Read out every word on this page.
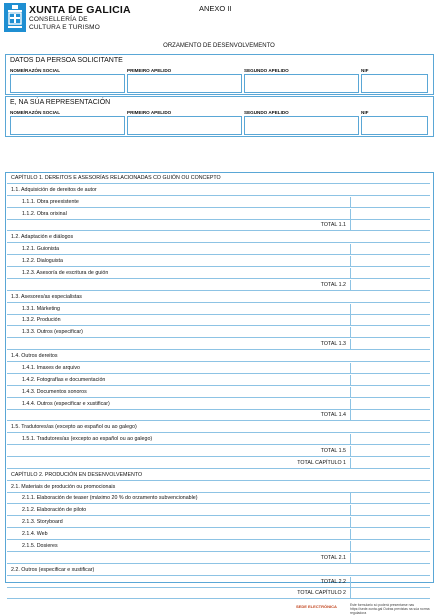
XUNTA DE GALICIA
CONSELLERÍA DE
CULTURA E TURISMO
ANEXO II
ORZAMENTO DE DESENVOLVEMENTO
DATOS DA PERSOA SOLICITANTE
NOME/RAZÓN SOCIAL	PRIMEIRO APELIDO	SEGUNDO APELIDO	NIF
E, NA SÚA REPRESENTACIÓN
NOME/RAZÓN SOCIAL	PRIMEIRO APELIDO	SEGUNDO APELIDO	NIF
CAPÍTULO 1. DEREITOS E ASESORÍAS RELACIONADAS CO GUIÓN OU CONCEPTO
1.1. Adquisición de dereitos de autor
1.1.1. Obra preexistente
1.1.2. Obra orixinal
TOTAL 1.1
1.2. Adaptación e diálogos
1.2.1. Guionista
1.2.2. Dialoguista
1.2.3. Asesor/a de escritura de guión
TOTAL 1.2
1.3. Asesores/as especialistas
1.3.1. Márketing
1.3.2. Produción
1.3.3. Outros (especificar)
TOTAL 1.3
1.4. Outros dereitos
1.4.1. Imaxes de arquivo
1.4.2. Fotografías e documentación
1.4.3. Documentos sonoros
1.4.4. Outros (especificar e xustificar)
TOTAL 1.4
1.5. Tradutores/as (excepto ao español ou ao galego)
1.5.1. Tradutores/as (excepto ao español ou ao galego)
TOTAL 1.5
TOTAL CAPÍTULO 1
CAPÍTULO 2. PRODUCIÓN EN DESENVOLVEMENTO
2.1. Materiais de produción ou promocionais
2.1.1. Elaboración de teaser (máximo 20 % do orzamento subvencionable)
2.1.2. Elaboración de piloto
2.1.3. Storyboard
2.1.4. Web
2.1.5. Dosieres
TOTAL 2.1
2.2. Outros (especificar e xustificar)
TOTAL 2.2
TOTAL CAPÍTULO 2
SEDE ELECTRÓNICA	Este formulario só poderá presentarse nas
https://sede.xunta.gal Outras previstas na súa norma reguladora
